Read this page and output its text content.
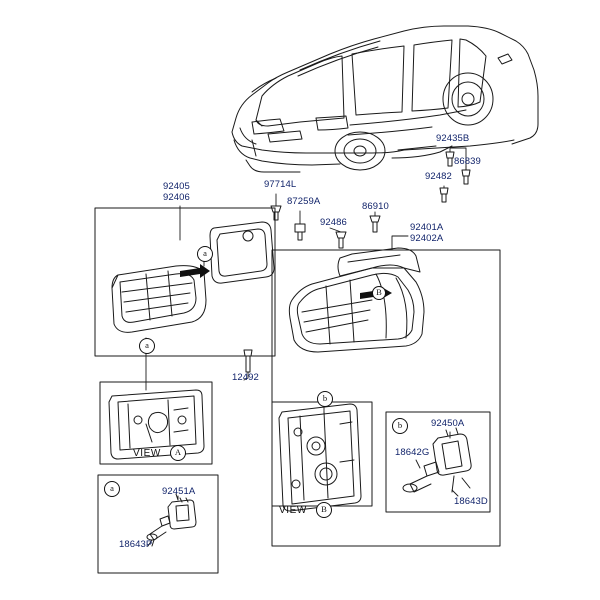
92405
92406
97714L
87259A
92486
86910
92435B
86839
92482
92401A
92402A
12492
92451A
18643P
92450A
18642G
18643D
a
a
a
b
b
VIEW	A
VIEW	B
B
